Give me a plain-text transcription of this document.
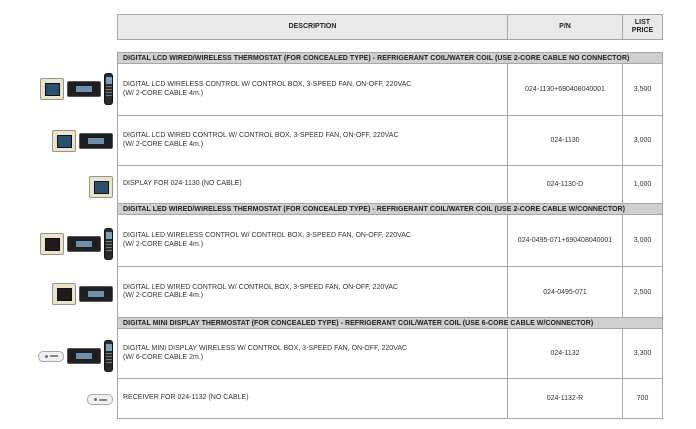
DESCRIPTION	P/N	LIST
PRICE

DIGITAL LCD WIRED/WIRELESS THERMOSTAT (FOR CONCEALED TYPE) - REFRIGERANT COIL/WATER COIL (USE 2-CORE CABLE NO CONNECTOR)		

DIGITAL LCD WIRELESS CONTROL W/ CONTROL BOX, 3-SPEED FAN, ON-OFF, 220VAC
(W/ 2-CORE CABLE 4m.)	024-1130+690408040001	3,500

DIGITAL LCD WIRED CONTROL W/ CONTROL BOX, 3-SPEED FAN, ON-OFF, 220VAC
(W/ 2-CORE CABLE 4m.)	024-1130	3,000
DISPLAY FOR 024-1130 (NO CABLE)	024-1130-D	1,000
DIGITAL LED WIRED/WIRELESS THERMOSTAT (FOR CONCEALED TYPE) - REFRIGERANT COIL/WATER COIL (USE 2-CORE CABLE W/CONNECTOR)		

DIGITAL LED WIRELESS CONTROL W/ CONTROL BOX, 3-SPEED FAN, ON-OFF, 220VAC
(W/ 2-CORE CABLE 4m.)	024-0495-071+690408040001	3,000

DIGITAL LED WIRED CONTROL W/ CONTROL BOX, 3-SPEED FAN, ON-OFF, 220VAC
(W/ 2-CORE CABLE 4m.)	024-0495-071	2,500
DIGITAL MINI DISPLAY THERMOSTAT (FOR CONCEALED TYPE) - REFRIGERANT COIL/WATER COIL (USE 6-CORE CABLE W/CONNECTOR)		

DIGITAL MINI DISPLAY WIRELESS W/ CONTROL BOX, 3-SPEED FAN, ON-OFF, 220VAC
(W/ 6-CORE CABLE 2m.)	024-1132	3,300
RECEIVER FOR 024-1132 (NO CABLE)	024-1132-R	700
